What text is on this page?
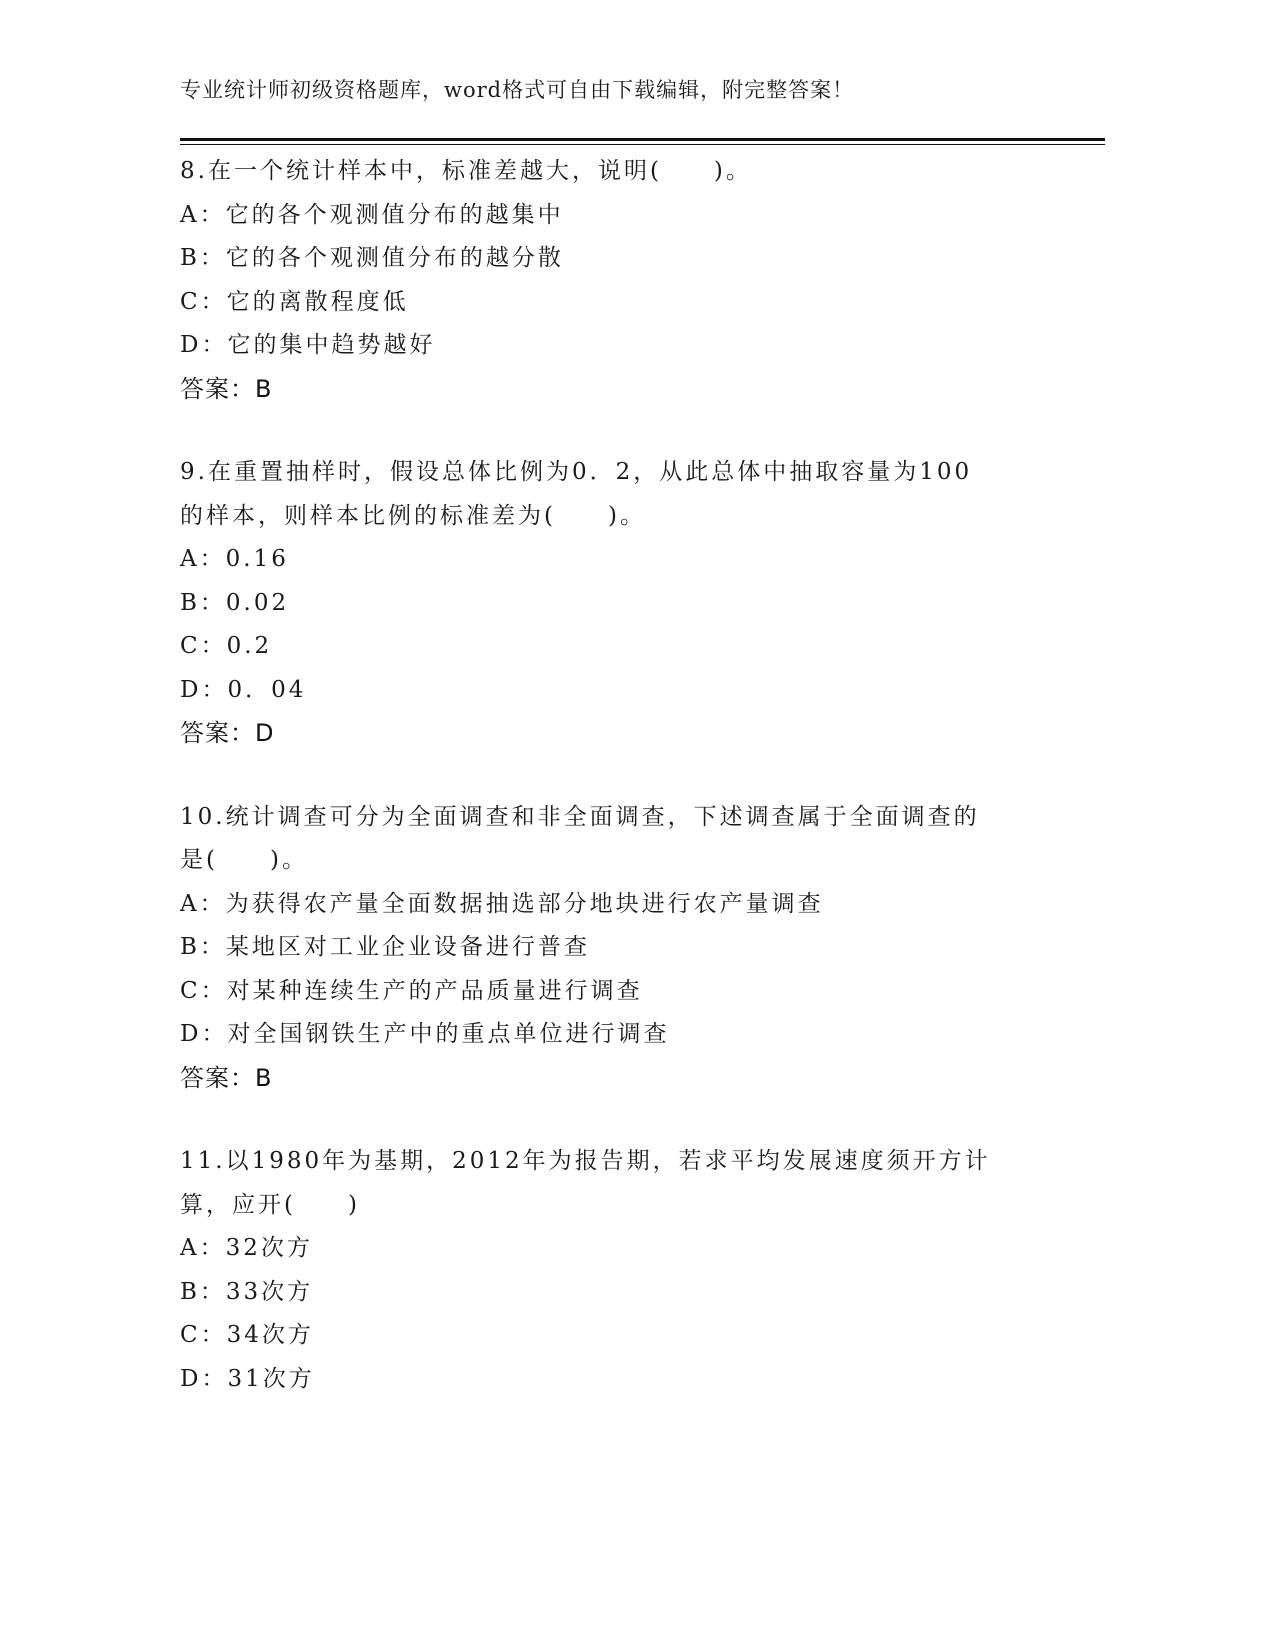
专业统计师初级资格题库，word格式可自由下载编辑，附完整答案！
8.在一个统计样本中，标准差越大，说明(　　)。
A：它的各个观测值分布的越集中
B：它的各个观测值分布的越分散
C：它的离散程度低
D：它的集中趋势越好
答案：B
9.在重置抽样时，假设总体比例为0．2，从此总体中抽取容量为100
的样本，则样本比例的标准差为(　　)。
A：0.16
B：0.02
C：0.2
D：0．04
答案：D
10.统计调查可分为全面调查和非全面调查，下述调查属于全面调查的
是(　　)。
A：为获得农产量全面数据抽选部分地块进行农产量调查
B：某地区对工业企业设备进行普查
C：对某种连续生产的产品质量进行调查
D：对全国钢铁生产中的重点单位进行调查
答案：B
11.以1980年为基期，2012年为报告期，若求平均发展速度须开方计
算，应开(　　)
A：32次方
B：33次方
C：34次方
D：31次方
